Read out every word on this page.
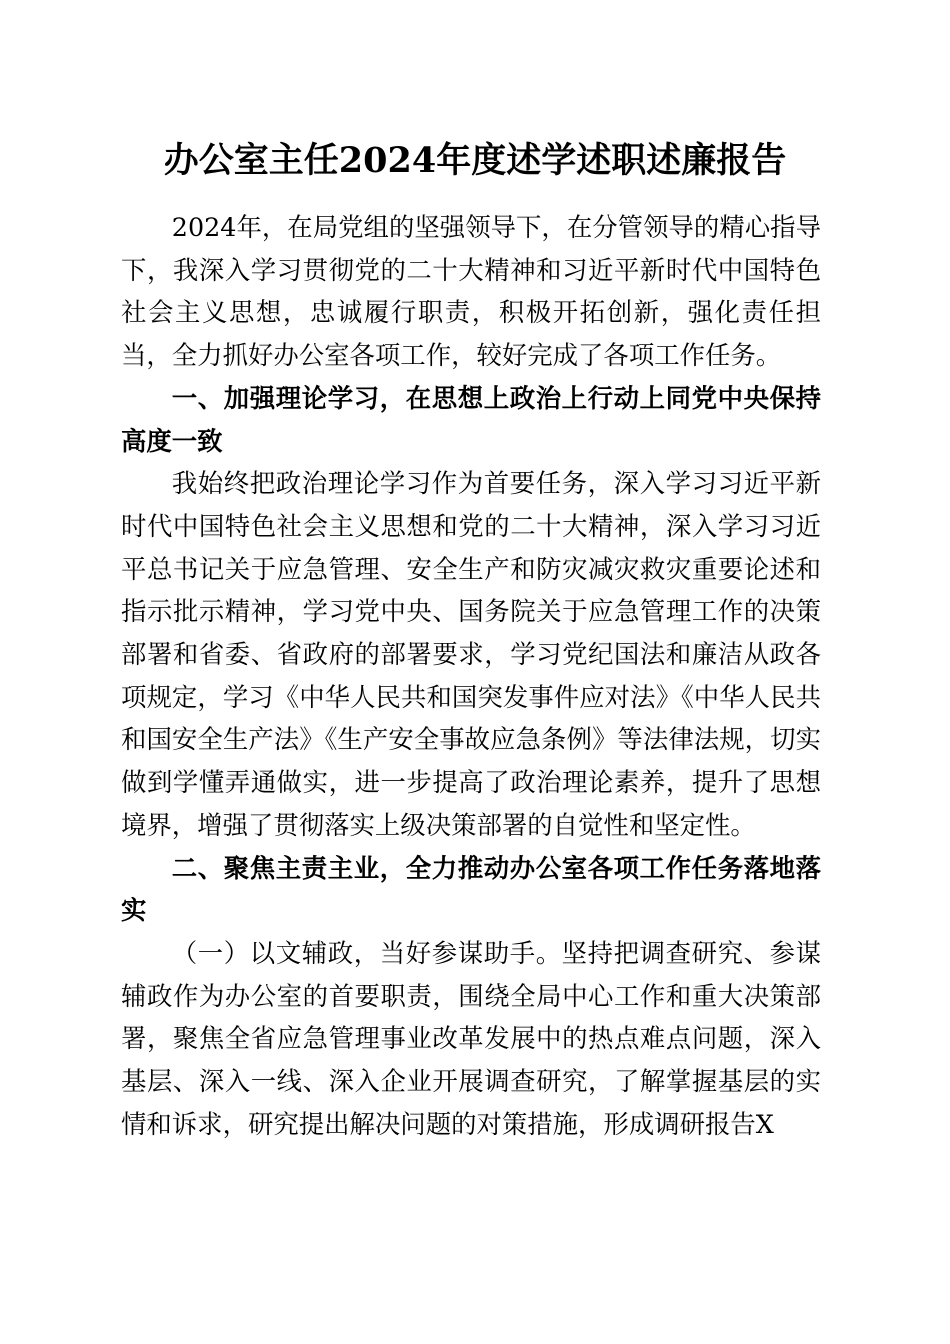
办公室主任2024年度述学述职述廉报告

2024年，在局党组的坚强领导下，在分管领导的精心指导下，我深入学习贯彻党的二十大精神和习近平新时代中国特色社会主义思想，忠诚履行职责，积极开拓创新，强化责任担当，全力抓好办公室各项工作，较好完成了各项工作任务。

一、加强理论学习，在思想上政治上行动上同党中央保持高度一致

我始终把政治理论学习作为首要任务，深入学习习近平新时代中国特色社会主义思想和党的二十大精神，深入学习习近平总书记关于应急管理、安全生产和防灾减灾救灾重要论述和指示批示精神，学习党中央、国务院关于应急管理工作的决策部署和省委、省政府的部署要求，学习党纪国法和廉洁从政各项规定，学习《中华人民共和国突发事件应对法》《中华人民共和国安全生产法》《生产安全事故应急条例》等法律法规，切实做到学懂弄通做实，进一步提高了政治理论素养，提升了思想境界，增强了贯彻落实上级决策部署的自觉性和坚定性。

二、聚焦主责主业，全力推动办公室各项工作任务落地落实

（一）以文辅政，当好参谋助手。坚持把调查研究、参谋辅政作为办公室的首要职责，围绕全局中心工作和重大决策部署，聚焦全省应急管理事业改革发展中的热点难点问题，深入基层、深入一线、深入企业开展调查研究，了解掌握基层的实情和诉求，研究提出解决问题的对策措施，形成调研报告X
